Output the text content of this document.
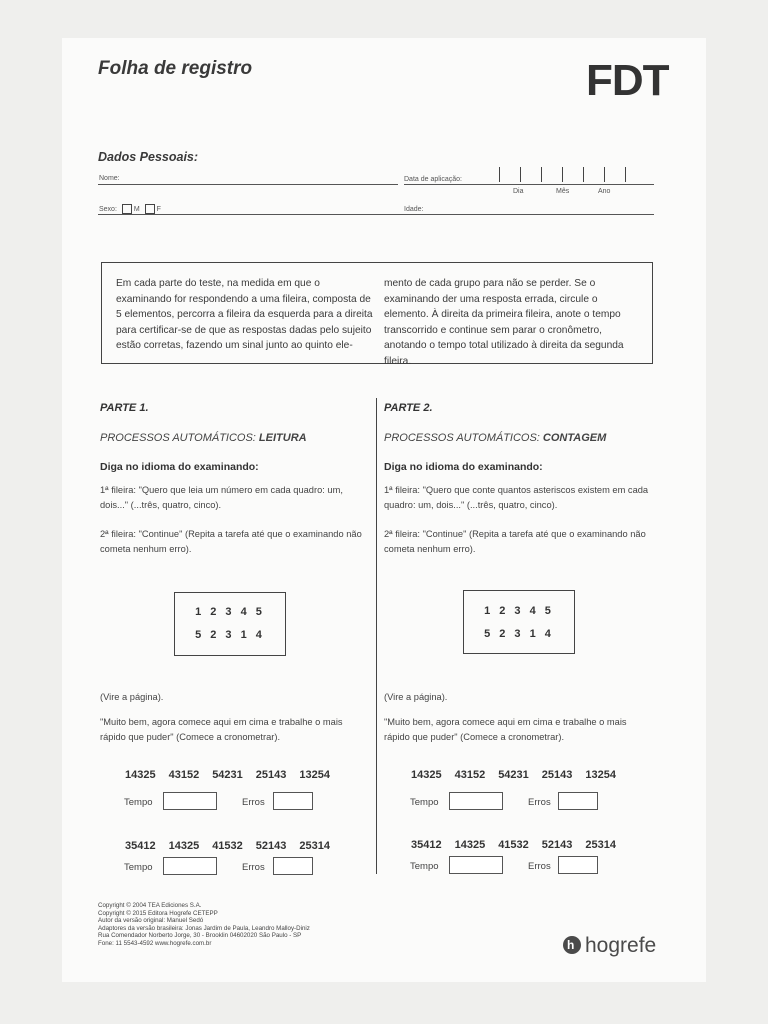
Folha de registro	FDT
Dados Pessoais:
Nome:	Data de aplicação:
Dia	Mês	Ano
Sexo: M F	Idade:
Em cada parte do teste, na medida em que o examinando for respondendo a uma fileira, composta de 5 elementos, percorra a fileira da esquerda para a direita para certificar-se de que as respostas dadas pelo sujeito estão corretas, fazendo um sinal junto ao quinto ele-
mento de cada grupo para não se perder. Se o examinando der uma resposta errada, circule o elemento. À direita da primeira fileira, anote o tempo transcorrido e continue sem parar o cronômetro, anotando o tempo total utilizado à direita da segunda fileira.
PARTE 1.
PROCESSOS AUTOMÁTICOS: LEITURA
Diga no idioma do examinando:
1ª fileira: "Quero que leia um número em cada quadro: um, dois..." (...três, quatro, cinco).
2ª fileira: "Continue" (Repita a tarefa até que o examinando não cometa nenhum erro).
1 2 3 4 5
5 2 3 1 4
(Vire a página).
"Muito bem, agora comece aqui em cima e trabalhe o mais rápido que puder" (Comece a cronometrar).
14325 43152 54231 25143 13254
Tempo	Erros
35412 14325 41532 52143 25314
Tempo	Erros
PARTE 2.
PROCESSOS AUTOMÁTICOS: CONTAGEM
Diga no idioma do examinando:
1ª fileira: "Quero que conte quantos asteriscos existem em cada quadro: um, dois..." (...três, quatro, cinco).
2ª fileira: "Continue" (Repita a tarefa até que o examinando não cometa nenhum erro).
1 2 3 4 5
5 2 3 1 4
(Vire a página).
"Muito bem, agora comece aqui em cima e trabalhe o mais rápido que puder" (Comece a cronometrar).
14325 43152 54231 25143 13254
Tempo	Erros
35412 14325 41532 52143 25314
Tempo	Erros
Copyright © 2004 TEA Ediciones S.A.
Copyright © 2015 Editora Hogrefe CETEPP
Autor da versão original: Manuel Sedó
Adaptores da versão brasileira: Jonas Jardim de Paula, Leandro Malloy-Diniz
Rua Comendador Norberto Jorge, 30 - Brooklin 04602020 São Paulo - SP
Fone: 11 5543-4592 www.hogrefe.com.br	h hogrefe
